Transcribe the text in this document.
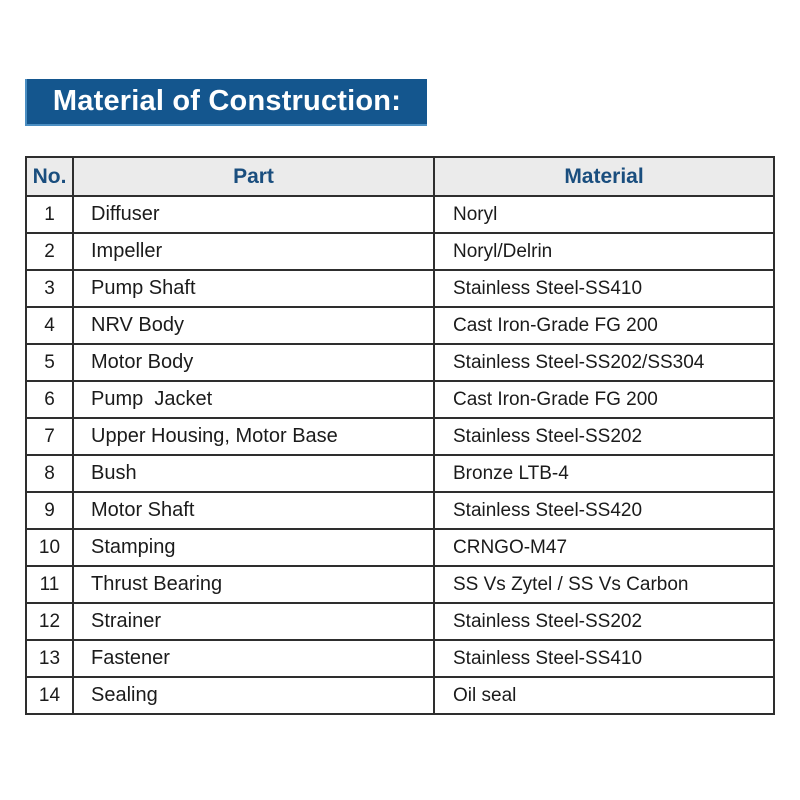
Material of Construction:
No.	Part	Material
1	Diffuser	Noryl
2	Impeller	Noryl/Delrin
3	Pump Shaft	Stainless Steel-SS410
4	NRV Body	Cast Iron-Grade FG 200
5	Motor Body	Stainless Steel-SS202/SS304
6	Pump  Jacket	Cast Iron-Grade FG 200
7	Upper Housing, Motor Base	Stainless Steel-SS202
8	Bush	Bronze LTB-4
9	Motor Shaft	Stainless Steel-SS420
10	Stamping	CRNGO-M47
11	Thrust Bearing	SS Vs Zytel / SS Vs Carbon
12	Strainer	Stainless Steel-SS202
13	Fastener	Stainless Steel-SS410
14	Sealing	Oil seal
